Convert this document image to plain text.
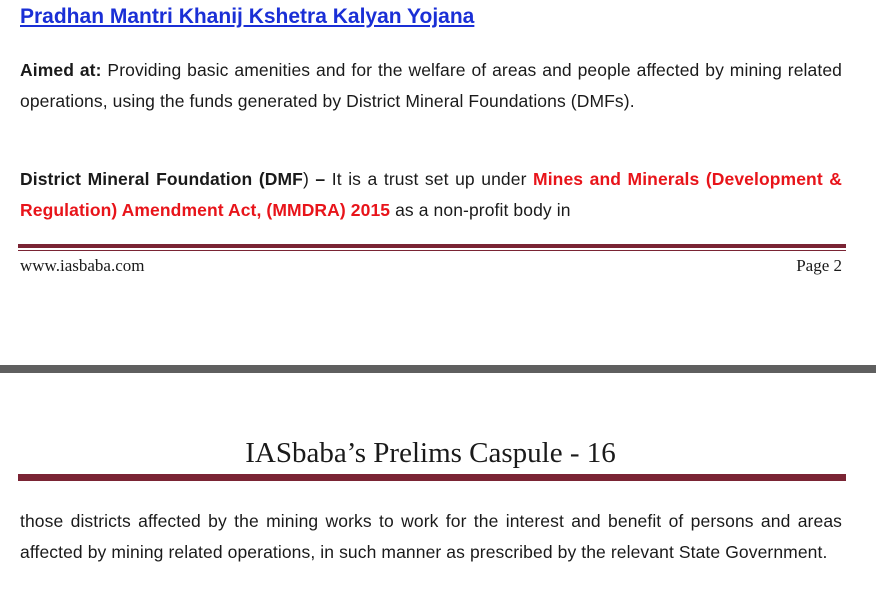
Pradhan Mantri Khanij Kshetra Kalyan Yojana
Aimed at: Providing basic amenities and for the welfare of areas and people affected by mining related operations, using the funds generated by District Mineral Foundations (DMFs).
District Mineral Foundation (DMF) – It is a trust set up under Mines and Minerals (Development & Regulation) Amendment Act, (MMDRA) 2015 as a non-profit body in
www.iasbaba.com	Page 2
IASbaba’s Prelims Caspule - 16
those districts affected by the mining works to work for the interest and benefit of persons and areas affected by mining related operations, in such manner as prescribed by the relevant State Government.
